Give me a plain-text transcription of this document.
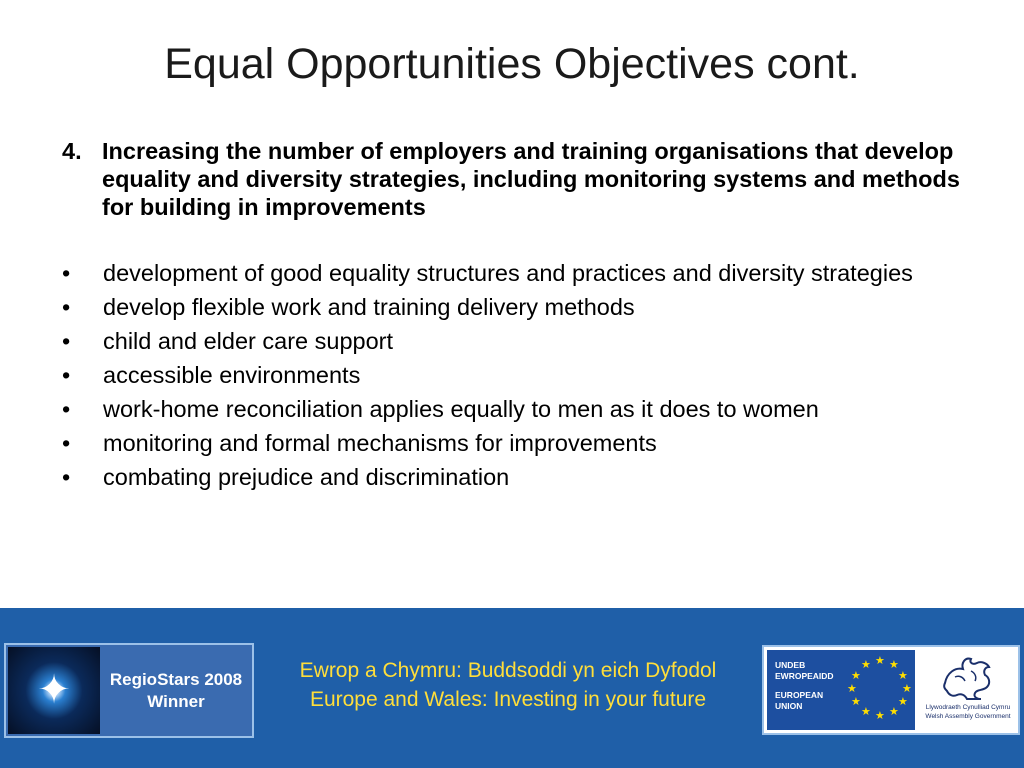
Equal Opportunities Objectives cont.
4. Increasing the number of employers and training organisations that develop equality and diversity strategies, including monitoring systems and methods for building in improvements
•	development of good equality structures and practices and diversity strategies
•	develop flexible work and training delivery methods
•	child and elder care support
•	accessible environments
•	work-home reconciliation applies equally to men as it does to women
•	monitoring and formal mechanisms for improvements
•	combating prejudice and discrimination
✦	RegioStars 2008
Winner
Ewrop a Chymru: Buddsoddi yn eich Dyfodol
Europe and Wales: Investing in your future
UNDEB
EWROPEAIDD
EUROPEAN
UNION
★ ★
★
★
★
★
★
★
★
★
★
★
Llywodraeth Cynulliad Cymru
Welsh Assembly Government
